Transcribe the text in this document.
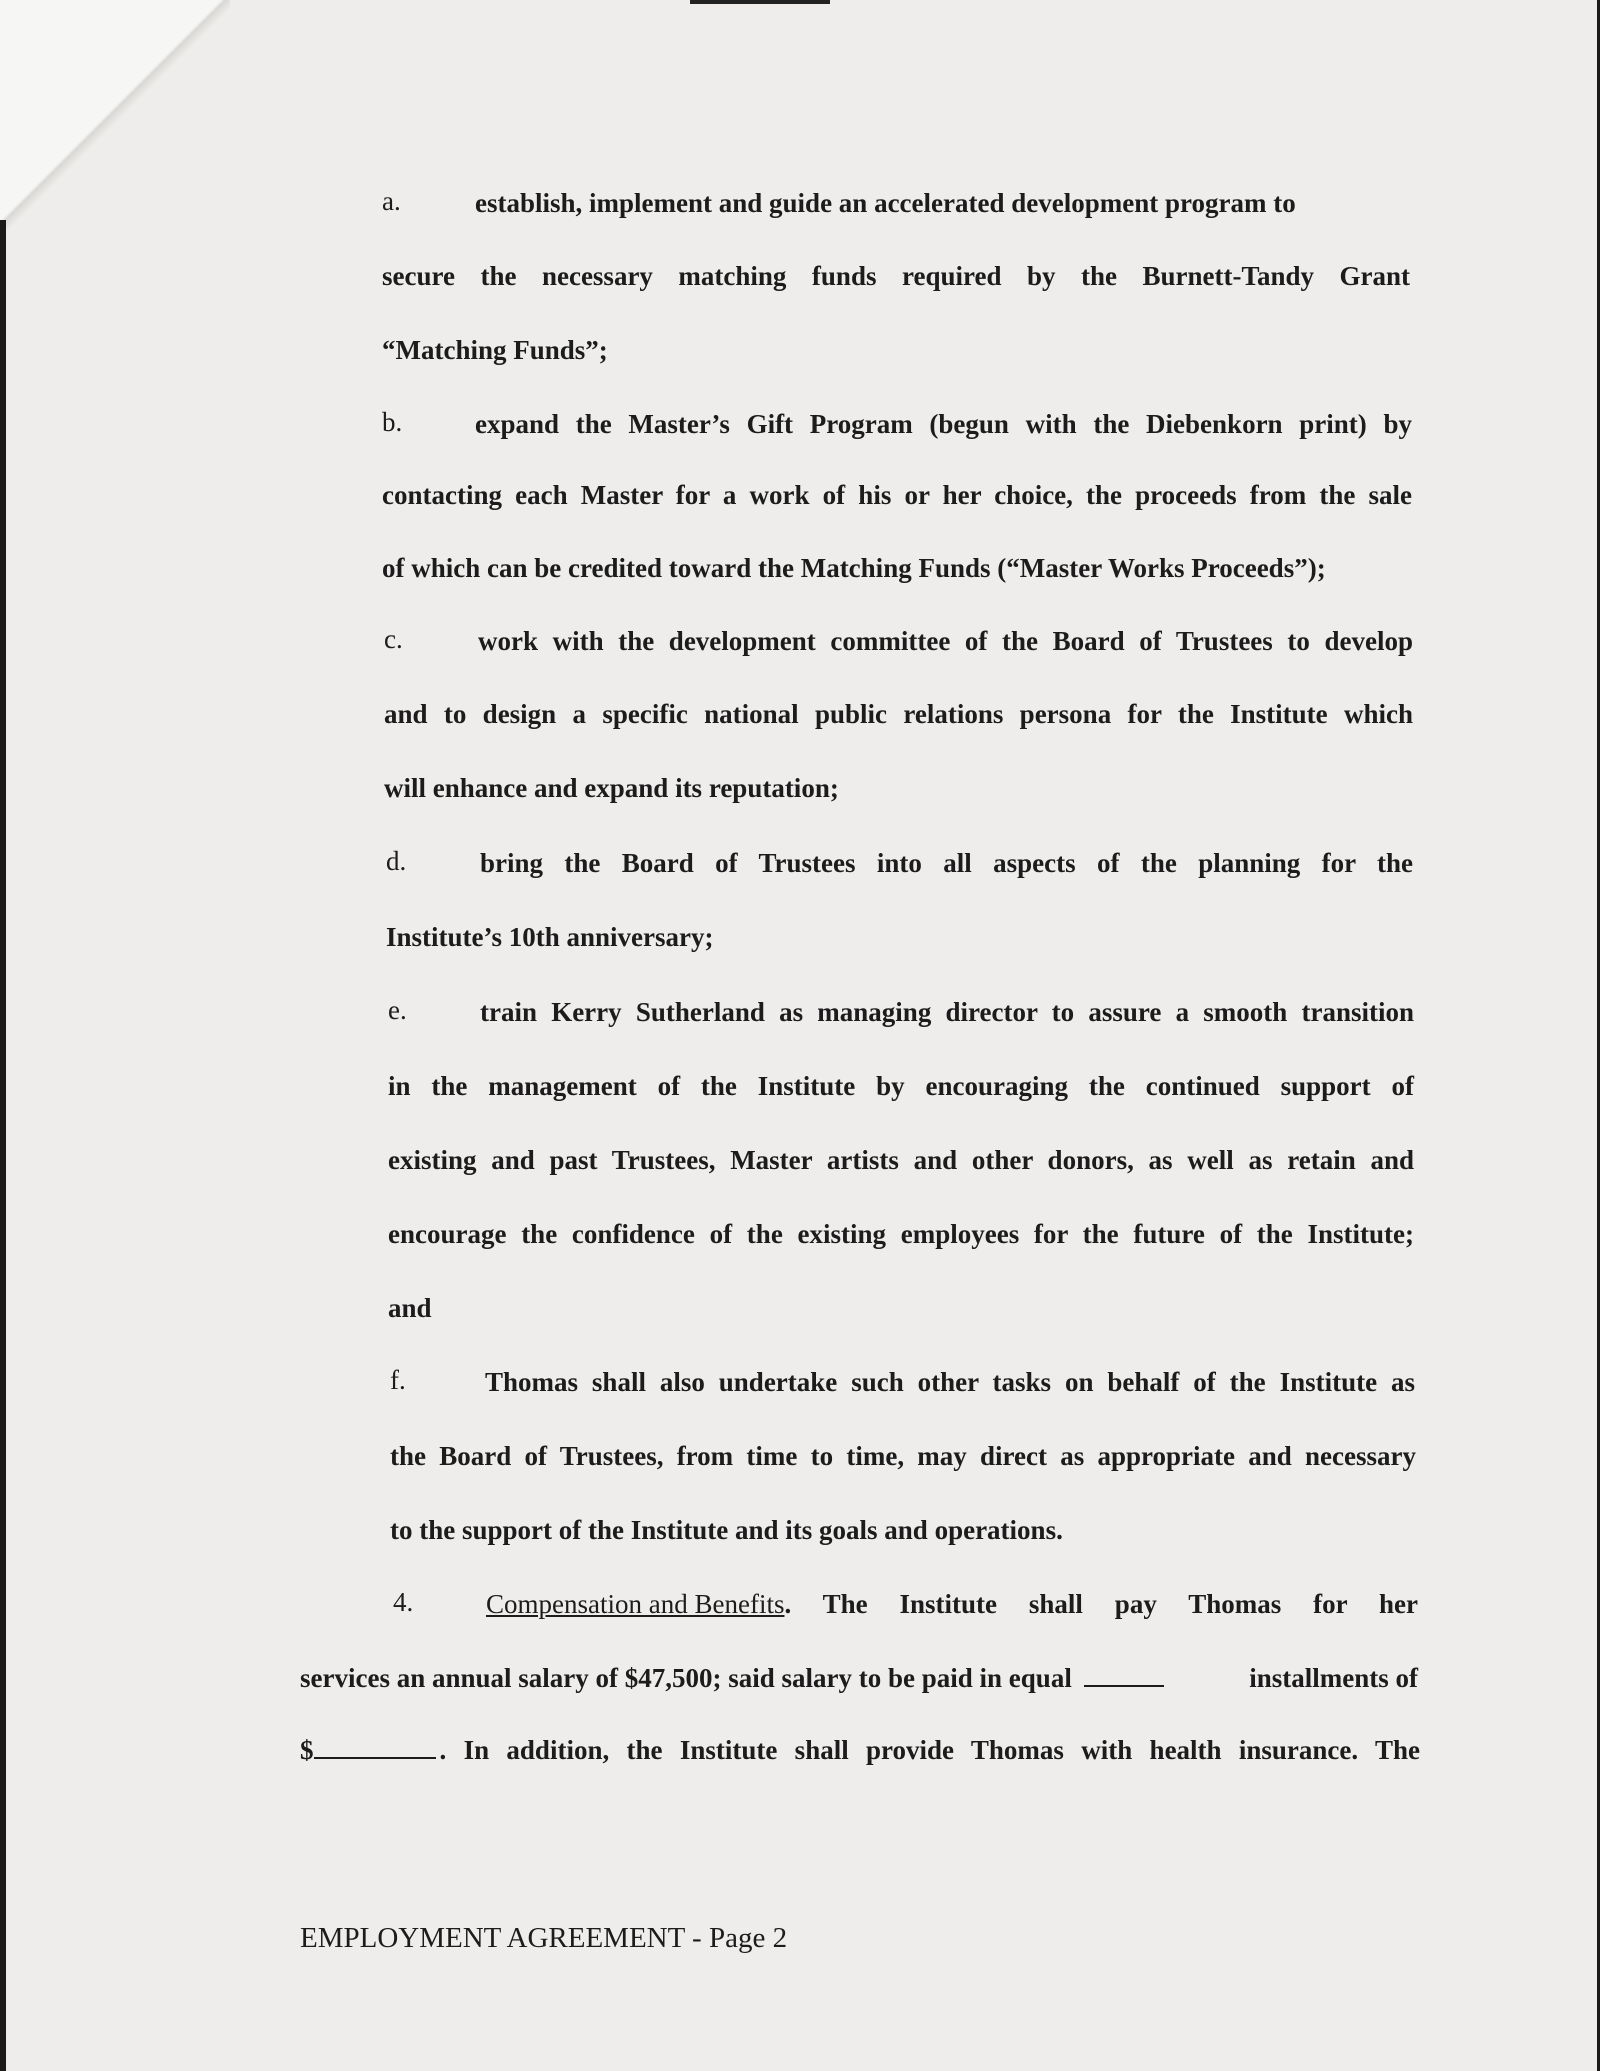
a.	establish, implement and guide an accelerated development program to
secure the necessary matching funds required by the Burnett-Tandy Grant
“Matching Funds”;
b.	expand the Master’s Gift Program (begun with the Diebenkorn print) by
contacting each Master for a work of his or her choice, the proceeds from the sale
of which can be credited toward the Matching Funds (“Master Works Proceeds”);
c.	work with the development committee of the Board of Trustees to develop
and to design a specific national public relations persona for the Institute which
will enhance and expand its reputation;
d.	bring the Board of Trustees into all aspects of the planning for the
Institute’s 10th anniversary;
e.	train Kerry Sutherland as managing director to assure a smooth transition
in the management of the Institute by encouraging the continued support of
existing and past Trustees, Master artists and other donors, as well as retain and
encourage the confidence of the existing employees for the future of the Institute;
and
f.	Thomas shall also undertake such other tasks on behalf of the Institute as
the Board of Trustees, from time to time, may direct as appropriate and necessary
to the support of the Institute and its goals and operations.
4.	Compensation and Benefits . The Institute shall pay Thomas for her
services an annual salary of $47,500; said salary to be paid in equal	installments of
$	. In addition, the Institute shall provide Thomas with health insurance. The
EMPLOYMENT AGREEMENT - Page 2
